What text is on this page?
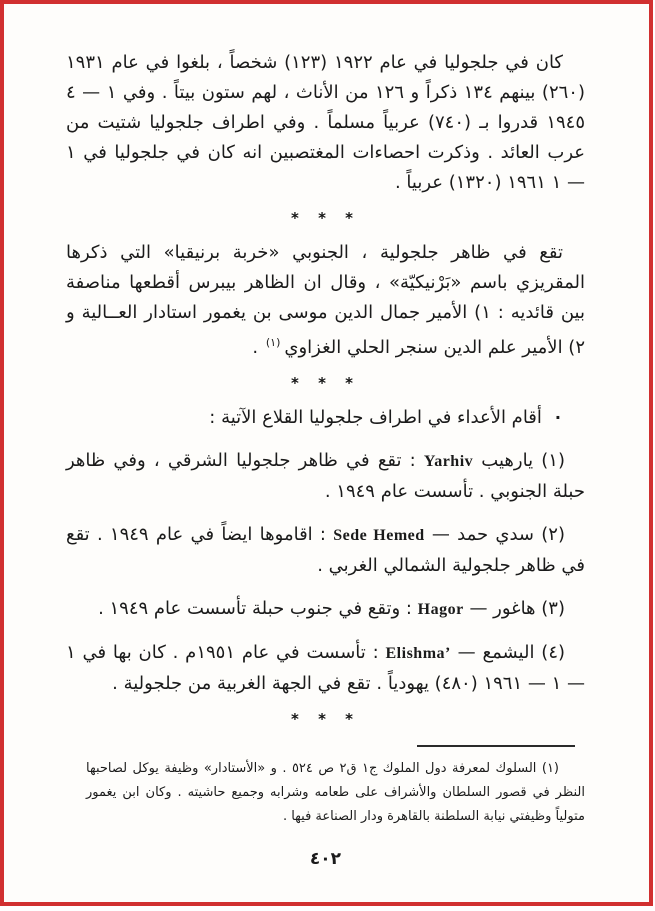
كان في جلجوليا في عام ١٩٢٢ (١٢٣) شخصاً ، بلغوا في عام ١٩٣١ (٢٦٠) بينهم ١٣٤ ذكراً و ١٢٦ من الأناث ، لهم ستون بيتاً . وفي ١ — ٤ ١٩٤٥ قدروا بـ (٧٤٠) عربياً مسلماً . وفي اطراف جلجوليا شتيت من عرب العائد . وذكرت احصاءات المغتصبين انه كان في جلجوليا في ١ — ١ ١٩٦١ (١٣٢٠) عربياً .

* * *

تقع في ظاهر جلجولية ، الجنوبي «خربة برنيقيا» التي ذكرها المقريزي باسم «بَرْنيكيّة» ، وقال ان الظاهر بيبرس أقطعها مناصفة بين قائديه : ١) الأمير جمال الدين موسى بن يغمور استادار العــالية و ٢) الأمير علم الدين سنجر الحلي الغزاوي$^{(١)}$ .

* * *

·أقام الأعداء في اطراف جلجوليا القلاع الآتية :

(١) يارهيب Yarhiv : تقع في ظاهر جلجوليا الشرقي ، وفي ظاهر حبلة الجنوبي . تأسست عام ١٩٤٩ .

(٢) سدي حمد — Sede Hemed : اقاموها ايضاً في عام ١٩٤٩ . تقع في ظاهر جلجولية الشمالي الغربي .

(٣) هاغور — Hagor : وتقع في جنوب حبلة تأسست عام ١٩٤٩ .

(٤) اليشمع — Elishma’ : تأسست في عام ١٩٥١م . كان بها في ١ — ١ — ١٩٦١ (٤٨٠) يهودياً . تقع في الجهة الغربية من جلجولية .

* * *

(١) السلوك لمعرفة دول الملوك ج١ ق٢ ص ٥٢٤ . و «الأستادار» وظيفة يوكل لصاحبها النظر في قصور السلطان والأشراف على طعامه وشرابه وجميع حاشيته . وكان ابن يغمور متولياً وظيفتي نيابة السلطنة بالقاهرة ودار الصناعة فيها .

٤٠٢
